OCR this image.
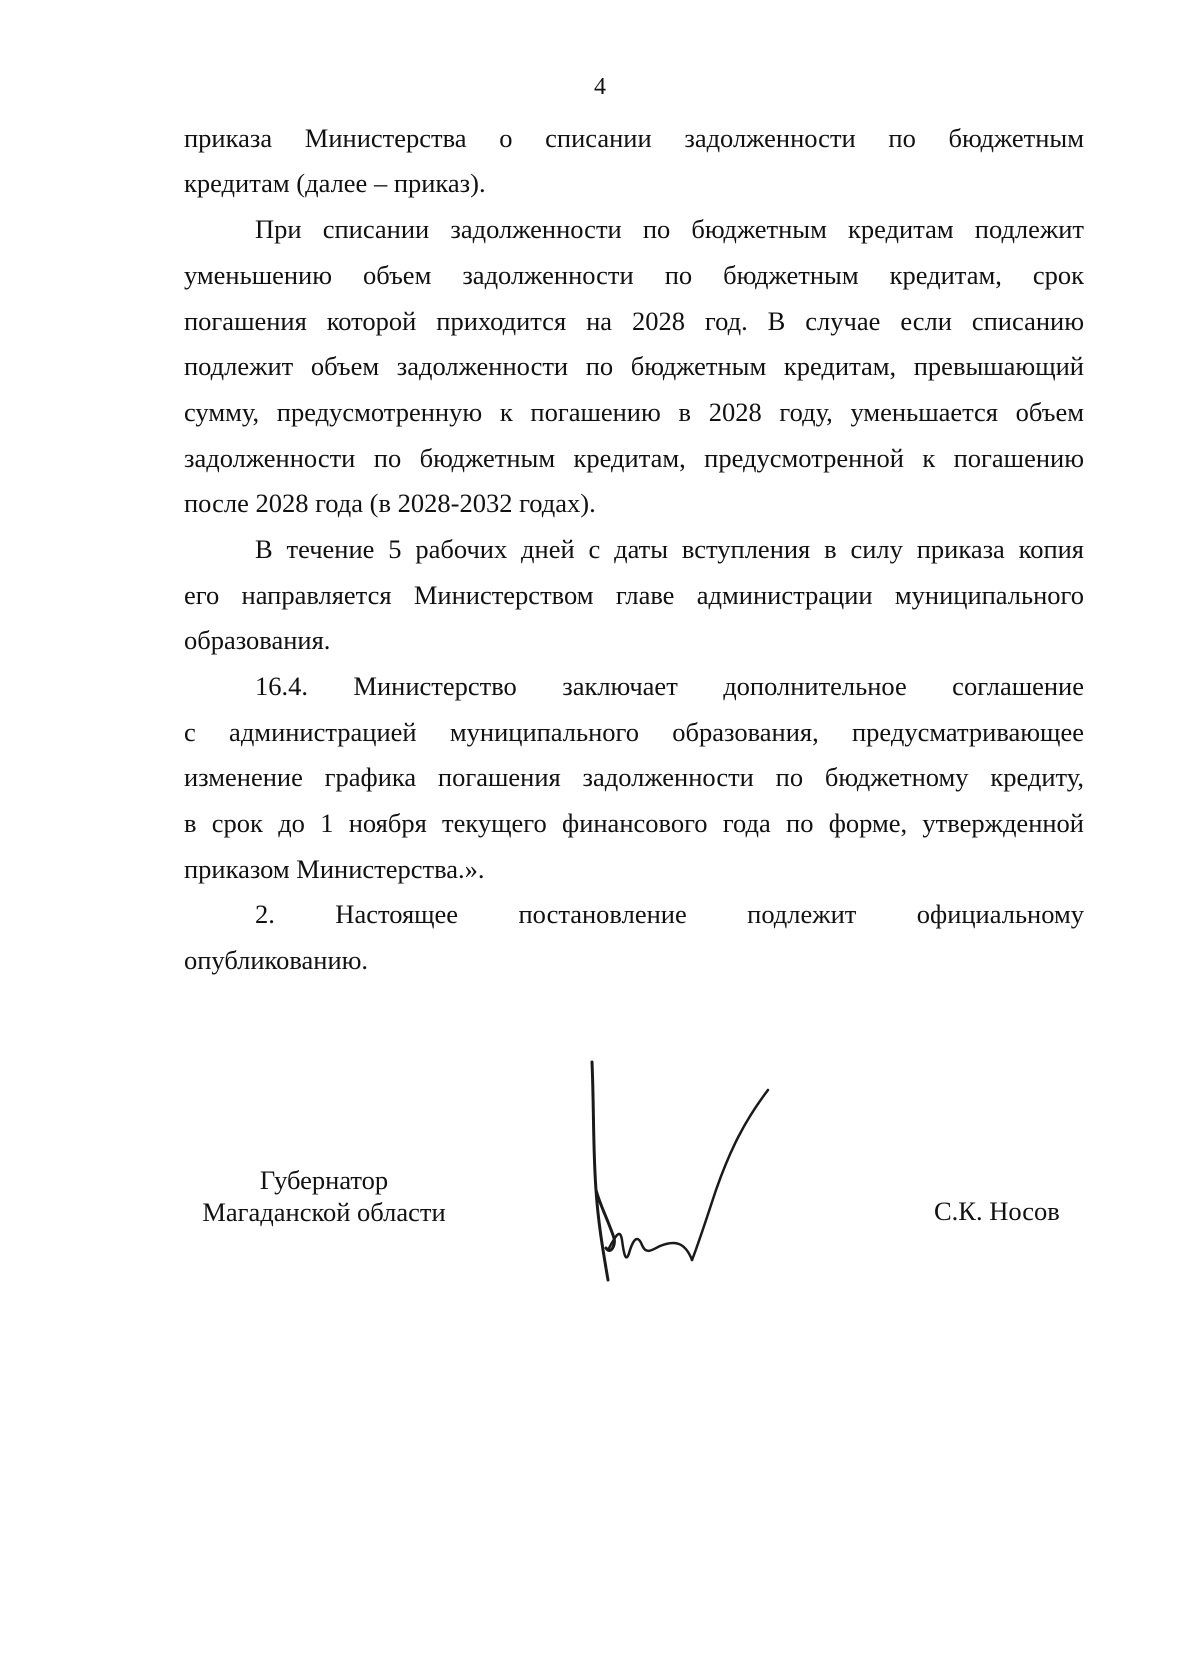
4
приказа Министерства о списании задолженности по бюджетным
кредитам (далее – приказ).
При списании задолженности по бюджетным кредитам подлежит
уменьшению объем задолженности по бюджетным кредитам, срок
погашения которой приходится на 2028 год. В случае если списанию
подлежит объем задолженности по бюджетным кредитам, превышающий
сумму, предусмотренную к погашению в 2028 году, уменьшается объем
задолженности по бюджетным кредитам, предусмотренной к погашению
после 2028 года (в 2028-2032 годах).
В течение 5 рабочих дней с даты вступления в силу приказа копия
его направляется Министерством главе администрации муниципального
образования.
16.4. Министерство заключает дополнительное соглашение
с администрацией муниципального образования, предусматривающее
изменение графика погашения задолженности по бюджетному кредиту,
в срок до 1 ноября текущего финансового года по форме, утвержденной
приказом Министерства.».
2. Настоящее постановление подлежит официальному
опубликованию.
Губернатор
Магаданской области	С.К. Носов
